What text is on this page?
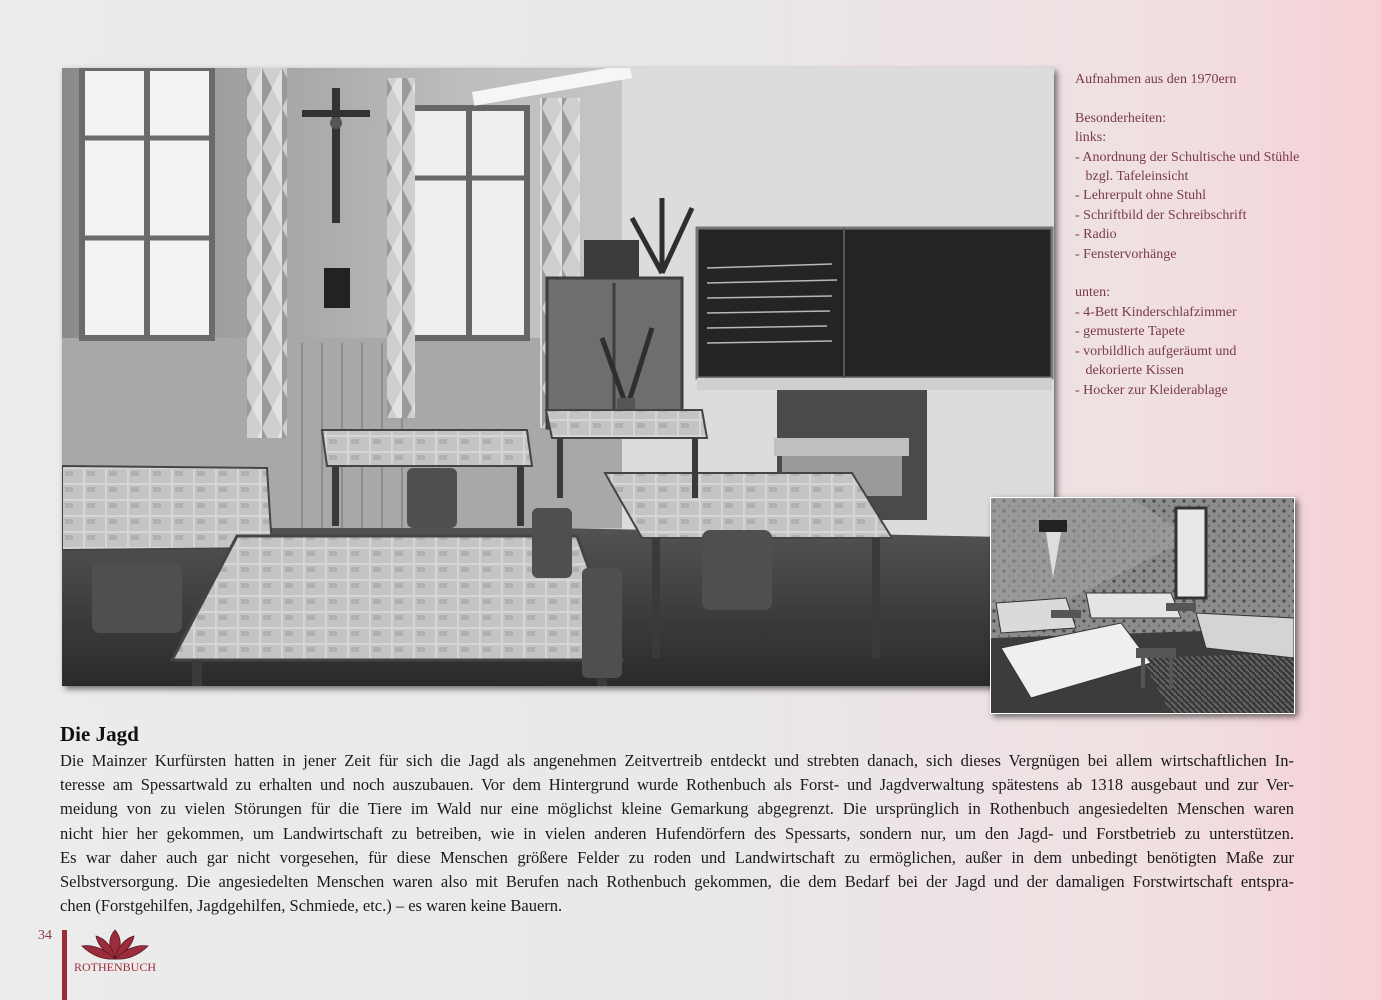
Aufnahmen aus den 1970ern

Besonderheiten:
links:
- Anordnung der Schultische und Stühle
bzgl. Tafeleinsicht
- Lehrerpult ohne Stuhl
- Schriftbild der Schreibschrift
- Radio
- Fenstervorhänge

unten:
- 4-Bett Kinderschlafzimmer
- gemusterte Tapete
- vorbildlich aufgeräumt und
dekorierte Kissen
- Hocker zur Kleiderablage
Die Jagd
Die Mainzer Kurfürsten hatten in jener Zeit für sich die Jagd als angenehmen Zeitvertreib entdeckt und strebten danach, sich dieses Vergnügen bei allem wirtschaftlichen In-
teresse am Spessartwald zu erhalten und noch auszubauen. Vor dem Hintergrund wurde Rothenbuch als Forst- und Jagdverwaltung spätestens ab 1318 ausgebaut und zur Ver-
meidung von zu vielen Störungen für die Tiere im Wald nur eine möglichst kleine Gemarkung abgegrenzt. Die ursprünglich in Rothenbuch angesiedelten Menschen waren
nicht hier her gekommen, um Landwirtschaft zu betreiben, wie in vielen anderen Hufendörfern des Spessarts, sondern nur, um den Jagd- und Forstbetrieb zu unterstützen.
Es war daher auch gar nicht vorgesehen, für diese Menschen größere Felder zu roden und Landwirtschaft zu ermöglichen, außer in dem unbedingt benötigten Maße zur
Selbstversorgung. Die angesiedelten Menschen waren also mit Berufen nach Rothenbuch gekommen, die dem Bedarf bei der Jagd und der damaligen Forstwirtschaft entspra-
chen (Forstgehilfen, Jagdgehilfen, Schmiede, etc.) – es waren keine Bauern.
34
ROTHENBUCH
